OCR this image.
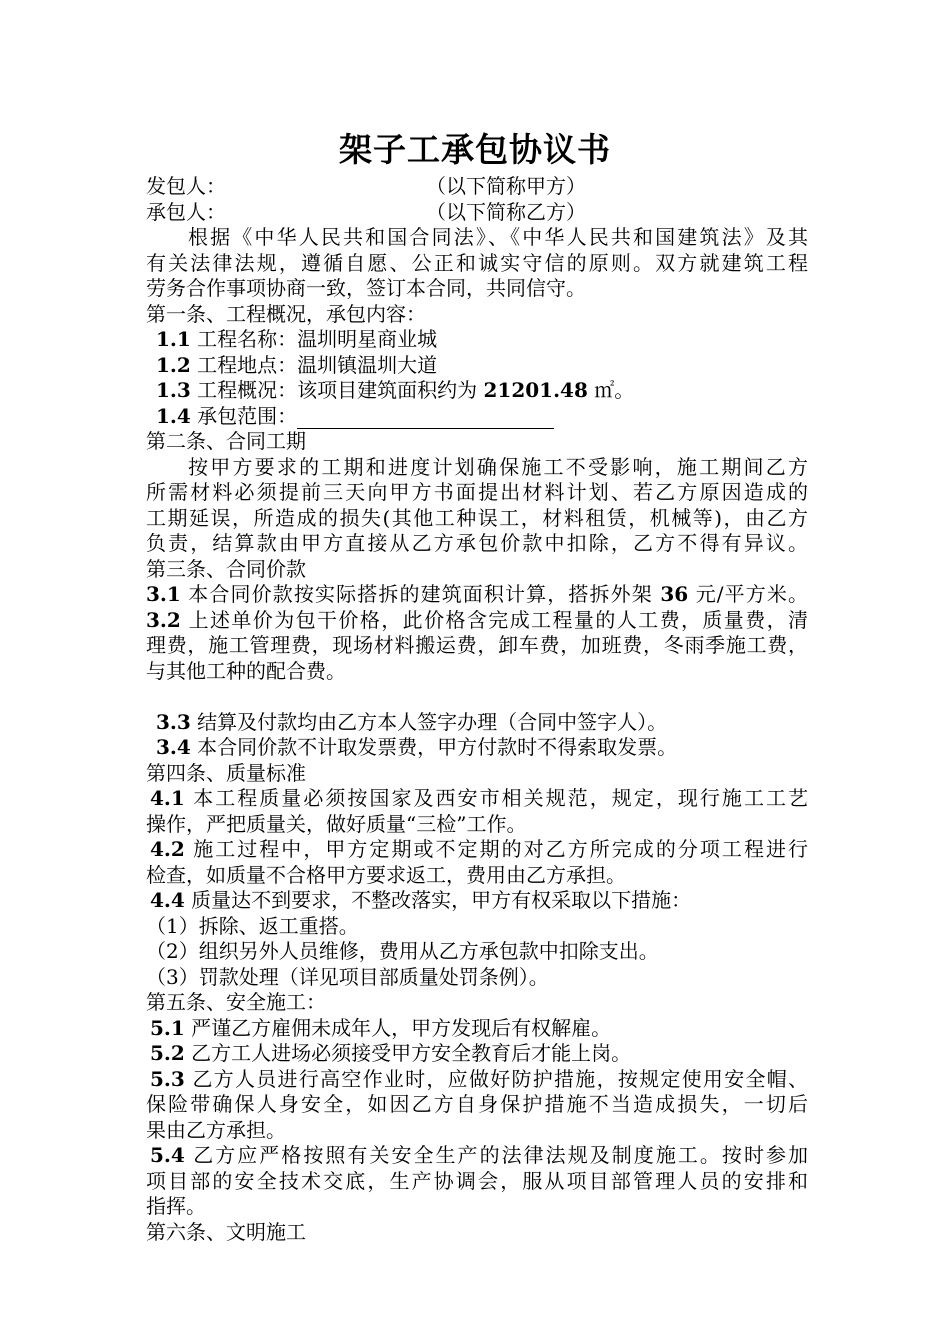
架子工承包协议书
发包人：	（以下简称甲方）
承包人：	（以下简称乙方）
根据《中华人民共和国合同法》、《中华人民共和国建筑法》及其
有关法律法规，遵循自愿、公正和诚实守信的原则。双方就建筑工程
劳务合作事项协商一致，签订本合同，共同信守。
第一条、工程概况，承包内容：
1.1 工程名称：温圳明星商业城
1.2 工程地点：温圳镇温圳大道
1.3 工程概况：该项目建筑面积约为 21201.48 ㎡。
1.4 承包范围：
第二条、合同工期
按甲方要求的工期和进度计划确保施工不受影响，施工期间乙方
所需材料必须提前三天向甲方书面提出材料计划、若乙方原因造成的
工期延误，所造成的损失(其他工种误工，材料租赁，机械等)，由乙方
负责，结算款由甲方直接从乙方承包价款中扣除，乙方不得有异议。
第三条、合同价款
3.1 本合同价款按实际搭拆的建筑面积计算，搭拆外架 36 元/平方米。
3.2 上述单价为包干价格，此价格含完成工程量的人工费，质量费，清
理费，施工管理费，现场材料搬运费，卸车费，加班费，冬雨季施工费，
与其他工种的配合费。
3.3 结算及付款均由乙方本人签字办理（合同中签字人）。
3.4 本合同价款不计取发票费，甲方付款时不得索取发票。
第四条、质量标准
4.1 本工程质量必须按国家及西安市相关规范，规定，现行施工工艺
操作，严把质量关，做好质量“三检”工作。
4.2 施工过程中，甲方定期或不定期的对乙方所完成的分项工程进行
检查，如质量不合格甲方要求返工，费用由乙方承担。
4.4 质量达不到要求，不整改落实，甲方有权采取以下措施：
（1）拆除、返工重搭。
（2）组织另外人员维修，费用从乙方承包款中扣除支出。
（3）罚款处理（详见项目部质量处罚条例）。
第五条、安全施工：
5.1 严谨乙方雇佣未成年人，甲方发现后有权解雇。
5.2 乙方工人进场必须接受甲方安全教育后才能上岗。
5.3 乙方人员进行高空作业时，应做好防护措施，按规定使用安全帽、
保险带确保人身安全，如因乙方自身保护措施不当造成损失，一切后
果由乙方承担。
5.4 乙方应严格按照有关安全生产的法律法规及制度施工。按时参加
项目部的安全技术交底，生产协调会，服从项目部管理人员的安排和
指挥。
第六条、文明施工
